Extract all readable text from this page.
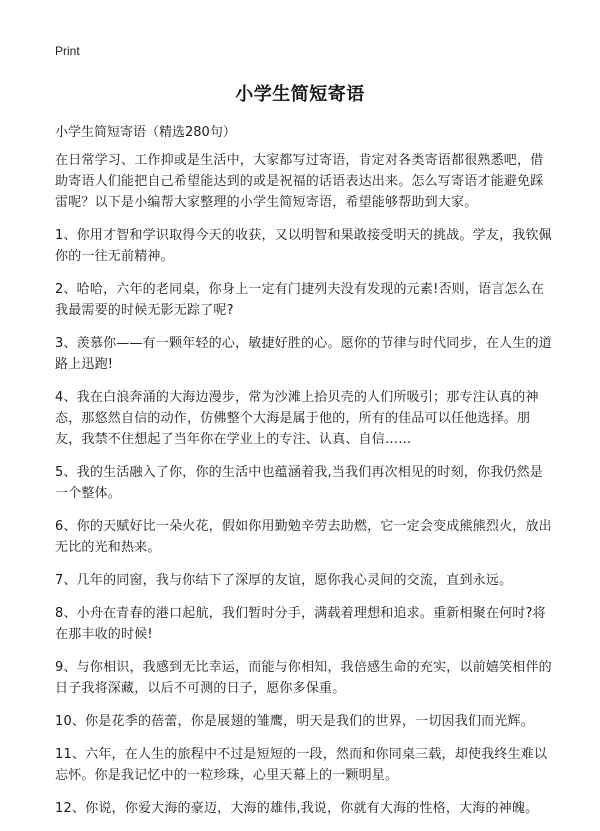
Print
小学生简短寄语
小学生简短寄语（精选280句）

在日常学习、工作抑或是生活中，大家都写过寄语，肯定对各类寄语都很熟悉吧，借助寄语人们能把自己希望能达到的或是祝福的话语表达出来。怎么写寄语才能避免踩雷呢？以下是小编帮大家整理的小学生简短寄语，希望能够帮助到大家。

1、你用才智和学识取得今天的收获，又以明智和果敢接受明天的挑战。学友，我钦佩你的一往无前精神。

2、哈哈，六年的老同桌，你身上一定有门捷列夫没有发现的元素!否则，语言怎么在我最需要的时候无影无踪了呢?

3、羡慕你——有一颗年轻的心，敏捷好胜的心。愿你的节律与时代同步，在人生的道路上迅跑!

4、我在白浪奔涌的大海边漫步，常为沙滩上拾贝壳的人们所吸引；那专注认真的神态，那悠然自信的动作，仿佛整个大海是属于他的，所有的佳品可以任他选择。朋友，我禁不住想起了当年你在学业上的专注、认真、自信……

5、我的生活融入了你，你的生活中也蕴涵着我,当我们再次相见的时刻，你我仍然是一个整体。

6、你的天赋好比一朵火花，假如你用勤勉辛劳去助燃，它一定会变成熊熊烈火，放出无比的光和热来。

7、几年的同窗，我与你结下了深厚的友谊，愿你我心灵间的交流，直到永远。

8、小舟在青春的港口起航，我们暂时分手，满载着理想和追求。重新相聚在何时?将在那丰收的时候!

9、与你相识，我感到无比幸运，而能与你相知，我倍感生命的充实，以前嬉笑相伴的日子我将深藏，以后不可测的日子，愿你多保重。

10、你是花季的蓓蕾，你是展翅的雏鹰，明天是我们的世界，一切因我们而光辉。

11、六年，在人生的旅程中不过是短短的一段，然而和你同桌三载，却使我终生难以忘怀。你是我记忆中的一粒珍珠，心里天幕上的一颗明星。

12、你说，你爱大海的豪迈，大海的雄伟,我说，你就有大海的性格，大海的神魄。
